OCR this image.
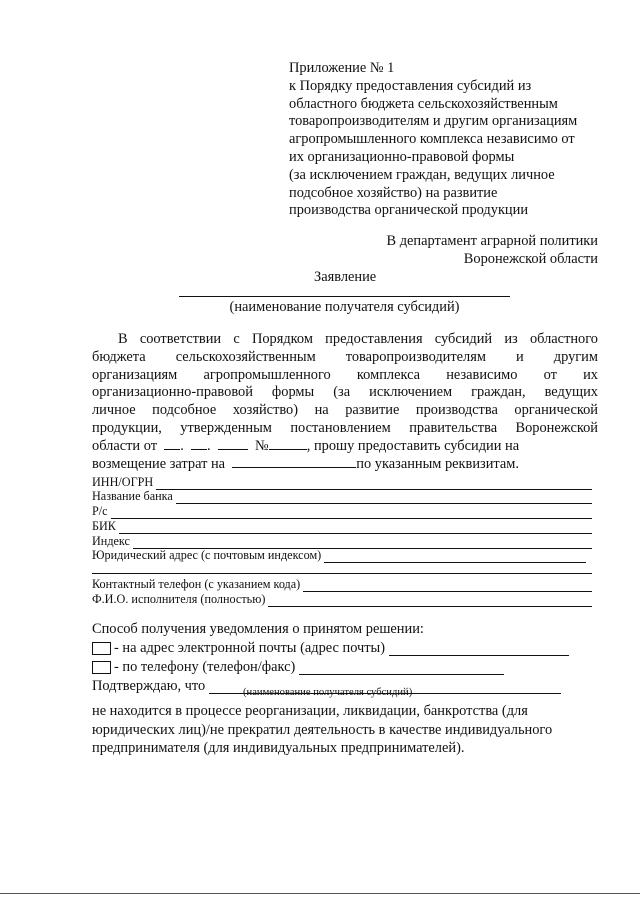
Приложение № 1
к Порядку предоставления субсидий из
областного бюджета сельскохозяйственным
товаропроизводителям и другим организациям
агропромышленного комплекса независимо от
их организационно-правовой формы
(за исключением граждан, ведущих личное
подсобное хозяйство) на развитие
производства органической продукции
В департамент аграрной политики
Воронежской области
Заявление
(наименование получателя субсидий)
В соответствии с Порядком предоставления субсидий из областного
бюджета сельскохозяйственным товаропроизводителям и другим
организациям агропромышленного комплекса независимо от их
организационно-правовой формы (за исключением граждан, ведущих
личное подсобное хозяйство) на развитие производства органической
продукции, утвержденным постановлением правительства Воронежской
области от . .	№	, прошу предоставить субсидии на
возмещение затрат на	по указанным реквизитам.
ИНН/ОГРН
Название банка
Р/с
БИК
Индекс
Юридический адрес (с почтовым индексом)
Контактный телефон (с указанием кода)
Ф.И.О. исполнителя (полностью)
Способ получения уведомления о принятом решении:
- на адрес электронной почты (адрес почты)
- по телефону (телефон/факс)
Подтверждаю, что	(наименование получателя субсидий)
не находится в процессе реорганизации, ликвидации, банкротства (для
юридических лиц)/не прекратил деятельность в качестве индивидуального
предпринимателя (для индивидуальных предпринимателей).
